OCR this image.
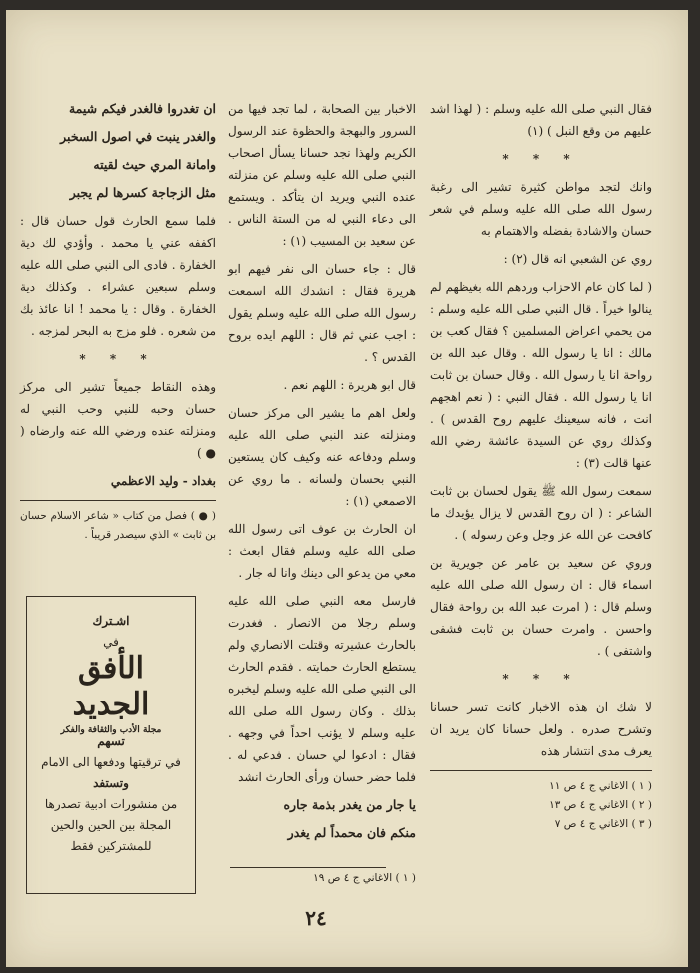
فقال النبي صلى الله عليه وسلم : ( لهذا اشد عليهم من وقع النبل ) (١)

* * *

وانك لتجد مواطن كثيرة تشير الى رغبة رسول الله صلى الله عليه وسلم في شعر حسان والاشادة بفضله والاهتمام به

روي عن الشعبي انه قال (٢) :

( لما كان عام الاحزاب وردهم الله بغيظهم لم ينالوا خيراً . قال النبي صلى الله عليه وسلم : من يحمي اعراض المسلمين ؟ فقال كعب بن مالك : انا يا رسول الله . وقال عبد الله بن رواحة انا يا رسول الله . وقال حسان بن ثابت انا يا رسول الله . فقال النبي : ( نعم اهجهم انت ، فانه سيعينك عليهم روح القدس ) . وكذلك روي عن السيدة عائشة رضي الله عنها قالت (٣) :

سمعت رسول الله ﷺ يقول لحسان بن ثابت الشاعر : ( ان روح القدس لا يزال يؤيدك ما كافحت عن الله عز وجل وعن رسوله ) .

وروي عن سعيد بن عامر عن جويرية بن اسماء قال : ان رسول الله صلى الله عليه وسلم قال : ( امرت عبد الله بن رواحة فقال واحسن . وامرت حسان بن ثابت فشفى واشتفى ) .

* * *

لا شك ان هذه الاخبار كانت تسر حسانا وتشرح صدره . ولعل حسانا كان يريد ان يعرف مدى انتشار هذه

( ١ ) الاغاني ج ٤ ص ١١
( ٢ ) الاغاني ج ٤ ص ١٣
( ٣ ) الاغاني ج ٤ ص ٧

الاخبار بين الصحابة ، لما تجد فيها من السرور والبهجة والحظوة عند الرسول الكريم ولهذا نجد حسانا يسأل اصحاب النبي صلى الله عليه وسلم عن منزلته عنده النبي ويريد ان يتأكد . ويستمع الى دعاء النبي له من الستة الناس . عن سعيد بن المسيب (١) :

قال : جاء حسان الى نفر فيهم ابو هريرة فقال : انشدك الله اسمعت رسول الله صلى الله عليه وسلم يقول : اجب عني ثم قال : اللهم ايده بروح القدس ؟ .

قال ابو هريرة : اللهم نعم .

ولعل اهم ما يشير الى مركز حسان ومنزلته عند النبي صلى الله عليه وسلم ودفاعه عنه وكيف كان يستعين النبي بحسان ولسانه . ما روي عن الاصمعي (١) :

ان الحارث بن عوف اتى رسول الله صلى الله عليه وسلم فقال ابعث : معي من يدعو الى دينك وانا له جار .

فارسل معه النبي صلى الله عليه وسلم رجلا من الانصار . فغدرت بالحارث عشيرته وقتلت الانصاري ولم يستطع الحارث حمايته . فقدم الحارث الى النبي صلى الله عليه وسلم ليخبره بذلك . وكان رسول الله صلى الله عليه وسلم لا يؤنب احداً في وجهه . فقال : ادعوا لي حسان . فدعي له . فلما حضر حسان ورأى الحارث انشد

يا جار من يغدر بذمة جاره

منكم فان محمداً لم يغدر

( ١ ) الاغاني ج ٤ ص ١٩

ان تغدروا فالغدر فيكم شيمة

والغدر ينبت في اصول السخبر

وامانة المري حيث لقيته

مثل الزجاجة كسرها لم يجبر

فلما سمع الحارث قول حسان قال : اكففه عني يا محمد . وأؤدي لك دية الخفارة . فادى الى النبي صلى الله عليه وسلم سبعين عشراء . وكذلك دية الخفارة . وقال : يا محمد ! انا عائذ بك من شعره . فلو مزج به البحر لمزجه .

* * *

وهذه النقاط جميعاً تشير الى مركز حسان وحبه للنبي وحب النبي له ومنزلته عنده ورضي الله عنه وارضاه ( ● )

بغداد - وليد الاعظمي
( ● ) فصل من كتاب « شاعر الاسلام حسان بن ثابت » الذي سيصدر قريباً .
اشـترك
في
الأفق الجديد
مجلة الأدب والثقافة والفكر
تسهم
في ترقيتها ودفعها الى الامام
وتستفد
من منشورات ادبية تصدرها المجلة بين الحين والحين للمشتركين فقط
٢٤
